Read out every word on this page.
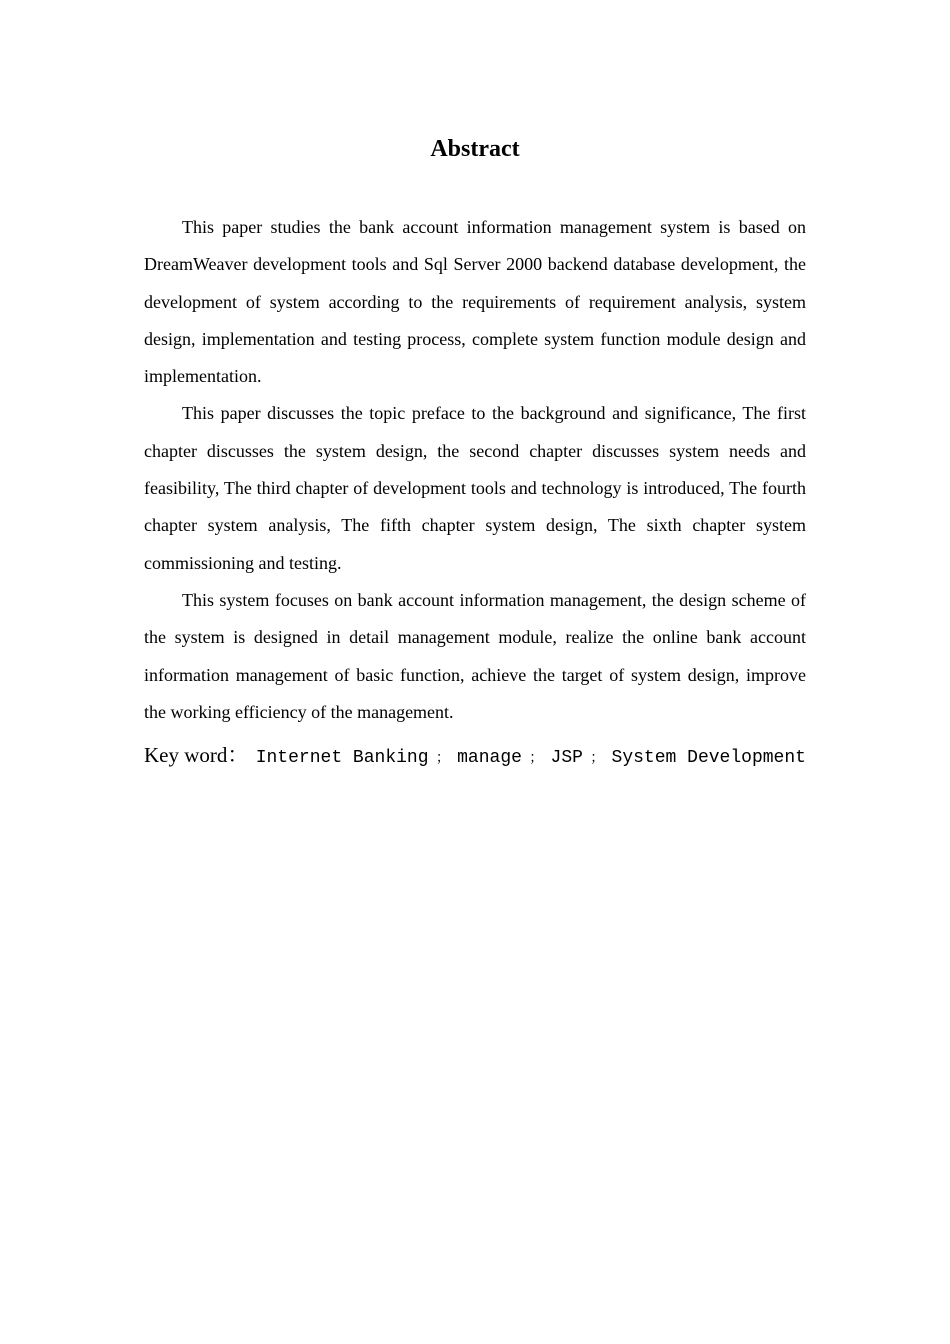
Abstract

This paper studies the bank account information management system is based on DreamWeaver development tools and Sql Server 2000 backend database development, the development of system according to the requirements of requirement analysis, system design, implementation and testing process, complete system function module design and implementation.

This paper discusses the topic preface to the background and significance, The first chapter discusses the system design, the second chapter discusses system needs and feasibility, The third chapter of development tools and technology is introduced, The fourth chapter system analysis, The fifth chapter system design, The sixth chapter system commissioning and testing.

This system focuses on bank account information management, the design scheme of the system is designed in detail management module, realize the online bank account information management of basic function, achieve the target of system design, improve the working efficiency of the management.

Key word： Internet Banking ； manage ； JSP ； System Development
